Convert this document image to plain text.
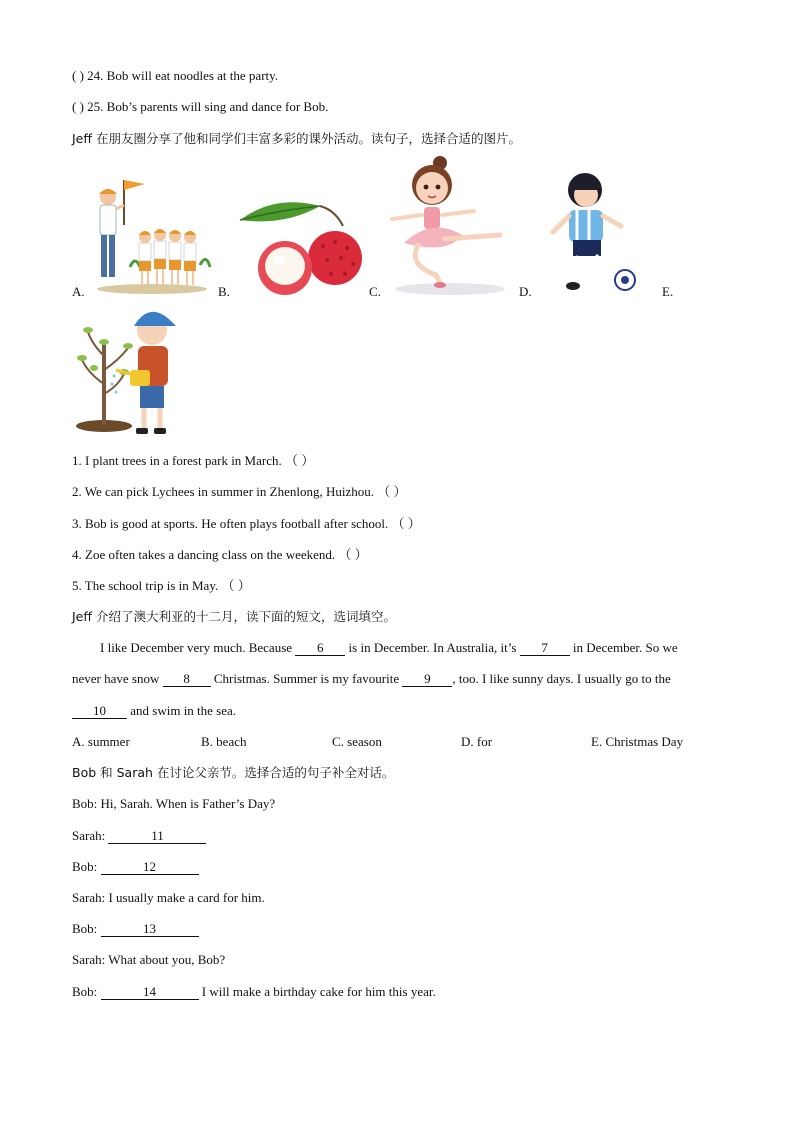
( ) 24. Bob will eat noodles at the party.
( ) 25. Bob’s parents will sing and dance for Bob.
Jeff 在朋友圈分享了他和同学们丰富多彩的课外活动。读句子，选择合适的图片。
A.	B.	C.	D.	E.
1. I plant trees in a forest park in March. （ ）
2. We can pick Lychees in summer in Zhenlong, Huizhou. （ ）
3. Bob is good at sports. He often plays football after school. （ ）
4. Zoe often takes a dancing class on the weekend. （ ）
5. The school trip is in May. （ ）
Jeff 介绍了澳大利亚的十二月，读下面的短文，选词填空。
I like December very much. Because 6 is in December. In Australia, it’s 7 in December. So we
never have snow 8 Christmas. Summer is my favourite 9 , too. I like sunny days. I usually go to the
10 and swim in the sea.
A. summer	B. beach	C. season	D. for	E. Christmas Day
Bob 和 Sarah 在讨论父亲节。选择合适的句子补全对话。
Bob: Hi, Sarah. When is Father’s Day?
Sarah:	11
Bob:	12
Sarah: I usually make a card for him.
Bob:	13
Sarah: What about you, Bob?
Bob:	14	I will make a birthday cake for him this year.
